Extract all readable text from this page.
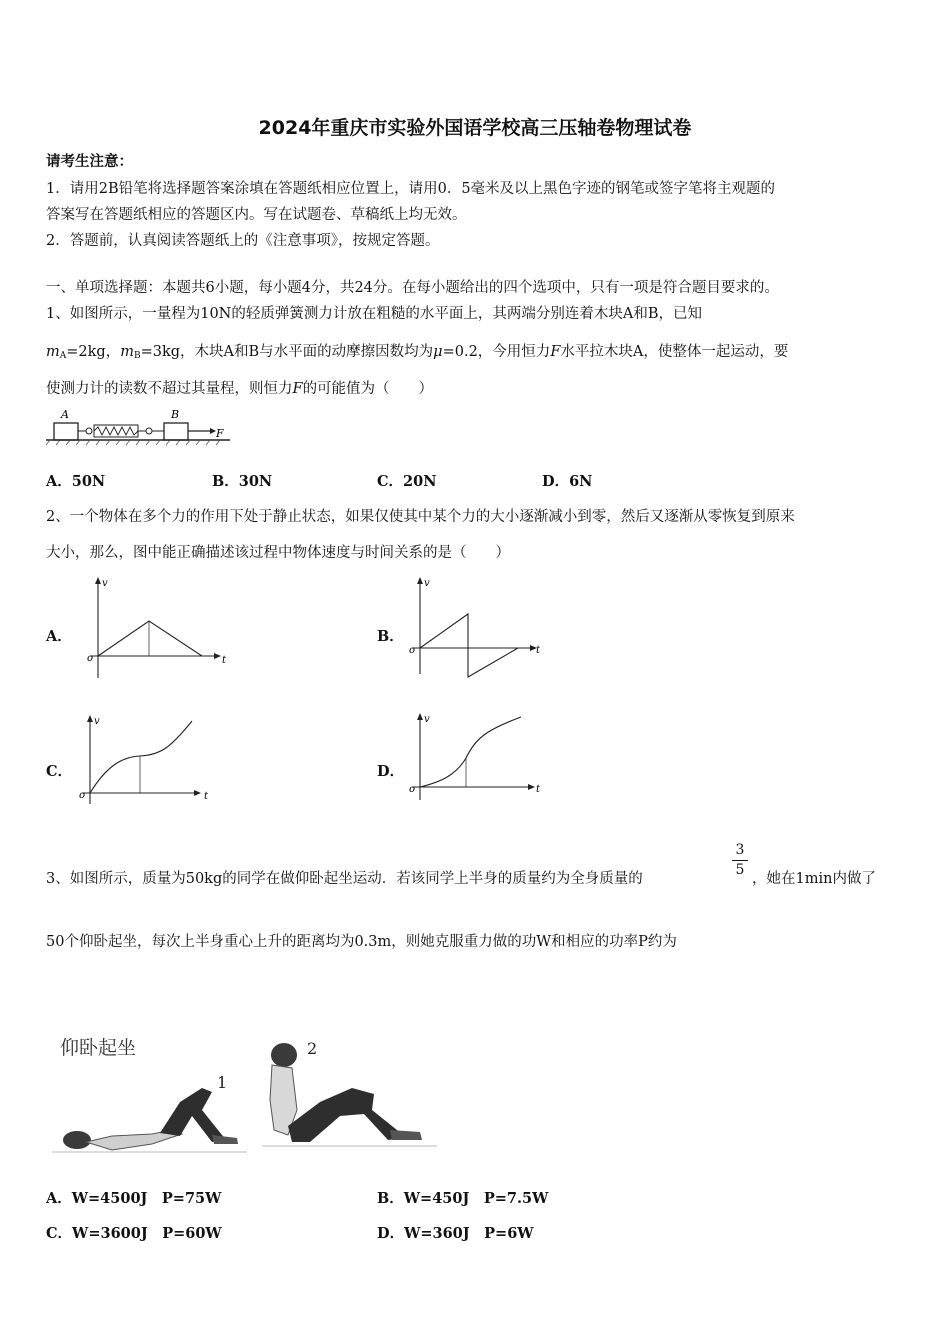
2024年重庆市实验外国语学校高三压轴卷物理试卷
请考生注意：
1．请用2B铅笔将选择题答案涂填在答题纸相应位置上，请用0．5毫米及以上黑色字迹的钢笔或签字笔将主观题的
答案写在答题纸相应的答题区内。写在试题卷、草稿纸上均无效。
2．答题前，认真阅读答题纸上的《注意事项》，按规定答题。
一、单项选择题：本题共6小题，每小题4分，共24分。在每小题给出的四个选项中，只有一项是符合题目要求的。
1、如图所示，一量程为10N的轻质弹簧测力计放在粗糙的水平面上，其两端分别连着木块A和B，已知
$m_A=2kg$，$m_B=3kg$，木块A和B与水平面的动摩擦因数均为μ=0.2，今用恒力F水平拉木块A，使整体一起运动，要
使测力计的读数不超过其量程，则恒力F的可能值为（　　）
A	B
F
A．50N	B．30N	C．20N	D．6N
2、一个物体在多个力的作用下处于静止状态，如果仅使其中某个力的大小逐渐减小到零，然后又逐渐从零恢复到原来
大小，那么，图中能正确描述该过程中物体速度与时间关系的是（　　）
A．	B．
C．	D．
v
t
o
v
t
o
v
t
o
v
t
o
3、如图所示，质量为50kg的同学在做仰卧起坐运动．若该同学上半身的质量约为全身质量的
3
5
，她在1min内做了
50个仰卧起坐，每次上半身重心上升的距离均为0.3m，则她克服重力做的功W和相应的功率P约为
仰卧起坐
1
2
A．W=4500J　P=75W	B．W=450J　P=7.5W
C．W=3600J　P=60W	D．W=360J　P=6W
